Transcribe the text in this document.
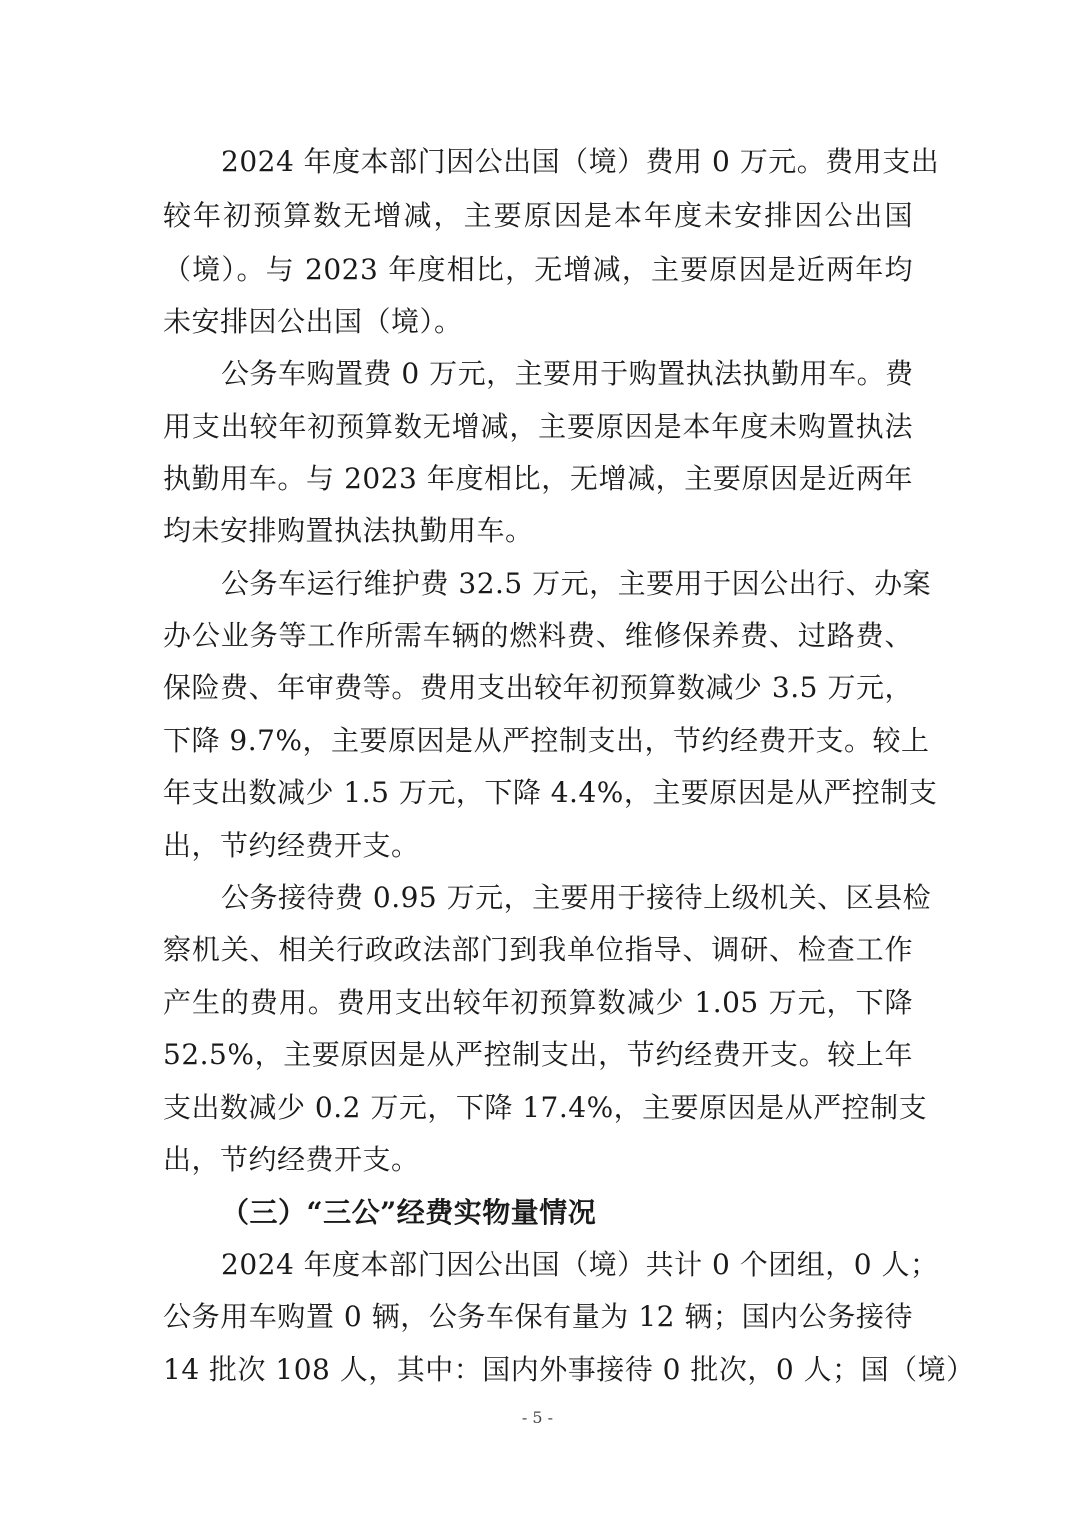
2024 年度本部门因公出国（境）费用 0 万元。费用支出
较年初预算数无增减，主要原因是本年度未安排因公出国
（境）。与 2023 年度相比，无增减，主要原因是近两年均
未安排因公出国（境）。
公务车购置费 0 万元，主要用于购置执法执勤用车。费
用支出较年初预算数无增减，主要原因是本年度未购置执法
执勤用车。与 2023 年度相比，无增减，主要原因是近两年
均未安排购置执法执勤用车。
公务车运行维护费 32.5 万元，主要用于因公出行、办案
办公业务等工作所需车辆的燃料费、维修保养费、过路费、
保险费、年审费等。费用支出较年初预算数减少 3.5 万元，
下降 9.7%，主要原因是从严控制支出，节约经费开支。较上
年支出数减少 1.5 万元，下降 4.4%，主要原因是从严控制支
出，节约经费开支。
公务接待费 0.95 万元，主要用于接待上级机关、区县检
察机关、相关行政政法部门到我单位指导、调研、检查工作
产生的费用。费用支出较年初预算数减少 1.05 万元，下降
52.5%，主要原因是从严控制支出，节约经费开支。较上年
支出数减少 0.2 万元，下降 17.4%，主要原因是从严控制支
出，节约经费开支。
（三）“三公”经费实物量情况
2024 年度本部门因公出国（境）共计 0 个团组，0 人；
公务用车购置 0 辆，公务车保有量为 12 辆；国内公务接待
14 批次 108 人，其中：国内外事接待 0 批次，0 人；国（境）
- 5 -
